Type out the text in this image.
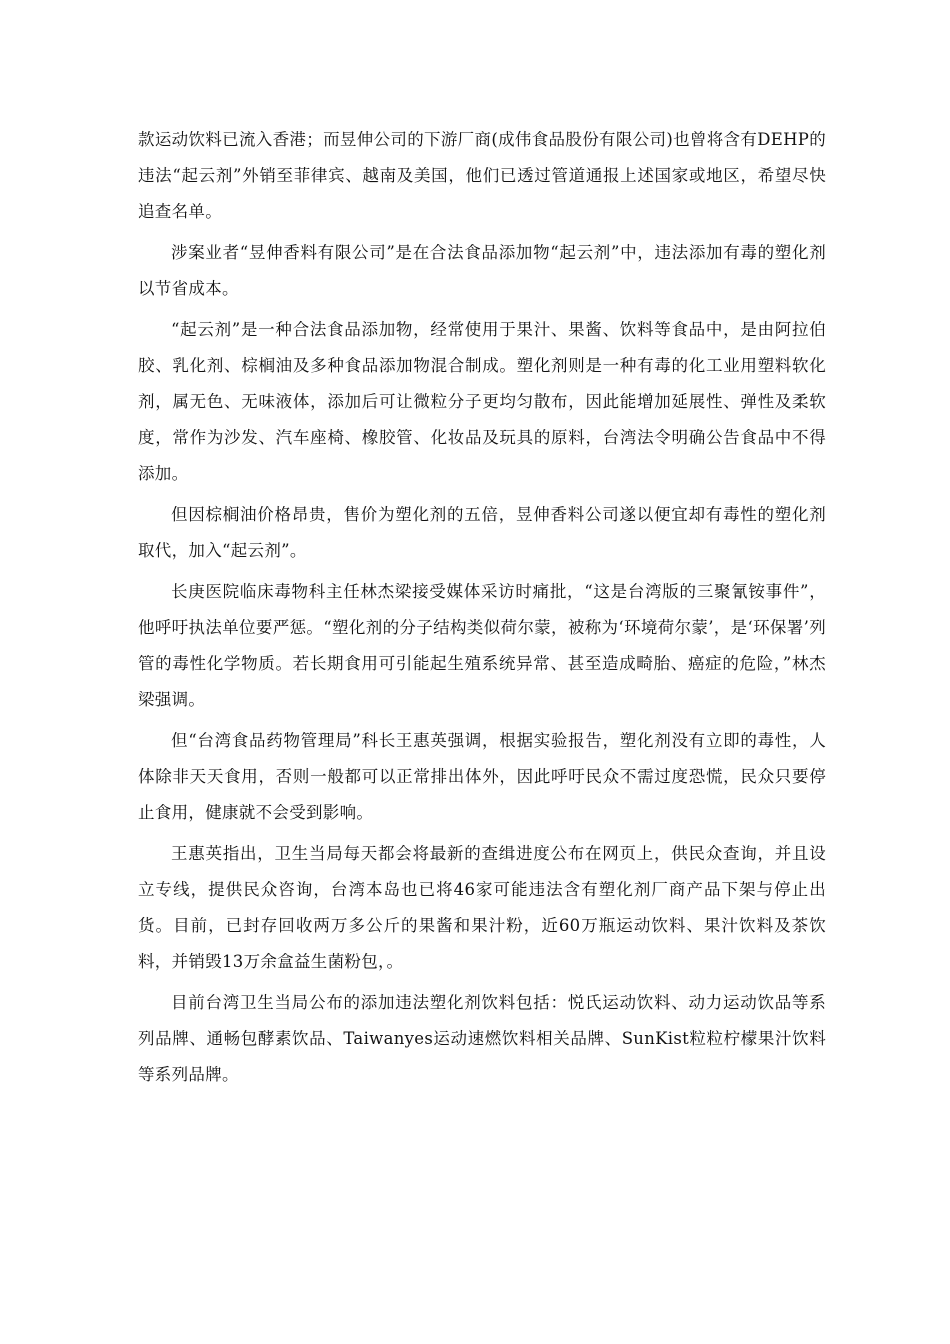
款运动饮料已流入香港；而昱伸公司的下游厂商(成伟食品股份有限公司)也曾将含有DEHP的违法“起云剂”外销至菲律宾、越南及美国，他们已透过管道通报上述国家或地区，希望尽快追查名单。

涉案业者“昱伸香料有限公司”是在合法食品添加物“起云剂”中，违法添加有毒的塑化剂以节省成本。

“起云剂”是一种合法食品添加物，经常使用于果汁、果酱、饮料等食品中，是由阿拉伯胶、乳化剂、棕榈油及多种食品添加物混合制成。塑化剂则是一种有毒的化工业用塑料软化剂，属无色、无味液体，添加后可让微粒分子更均匀散布，因此能增加延展性、弹性及柔软度，常作为沙发、汽车座椅、橡胶管、化妆品及玩具的原料，台湾法令明确公告食品中不得添加。

但因棕榈油价格昂贵，售价为塑化剂的五倍，昱伸香料公司遂以便宜却有毒性的塑化剂取代，加入“起云剂”。

长庚医院临床毒物科主任林杰梁接受媒体采访时痛批，“这是台湾版的三聚氰铵事件”，他呼吁执法单位要严惩。“塑化剂的分子结构类似荷尔蒙，被称为‘环境荷尔蒙’，是‘环保署’列管的毒性化学物质。若长期食用可引能起生殖系统异常、甚至造成畸胎、癌症的危险，”林杰梁强调。

但“台湾食品药物管理局”科长王惠英强调，根据实验报告，塑化剂没有立即的毒性，人体除非天天食用，否则一般都可以正常排出体外，因此呼吁民众不需过度恐慌，民众只要停止食用，健康就不会受到影响。

王惠英指出，卫生当局每天都会将最新的查缉进度公布在网页上，供民众查询，并且设立专线，提供民众咨询，台湾本岛也已将46家可能违法含有塑化剂厂商产品下架与停止出货。目前，已封存回收两万多公斤的果酱和果汁粉，近60万瓶运动饮料、果汁饮料及茶饮料，并销毁13万余盒益生菌粉包，。

目前台湾卫生当局公布的添加违法塑化剂饮料包括：悦氏运动饮料、动力运动饮品等系列品牌、通畅包酵素饮品、Taiwanyes运动速燃饮料相关品牌、SunKist粒粒柠檬果汁饮料等系列品牌。
